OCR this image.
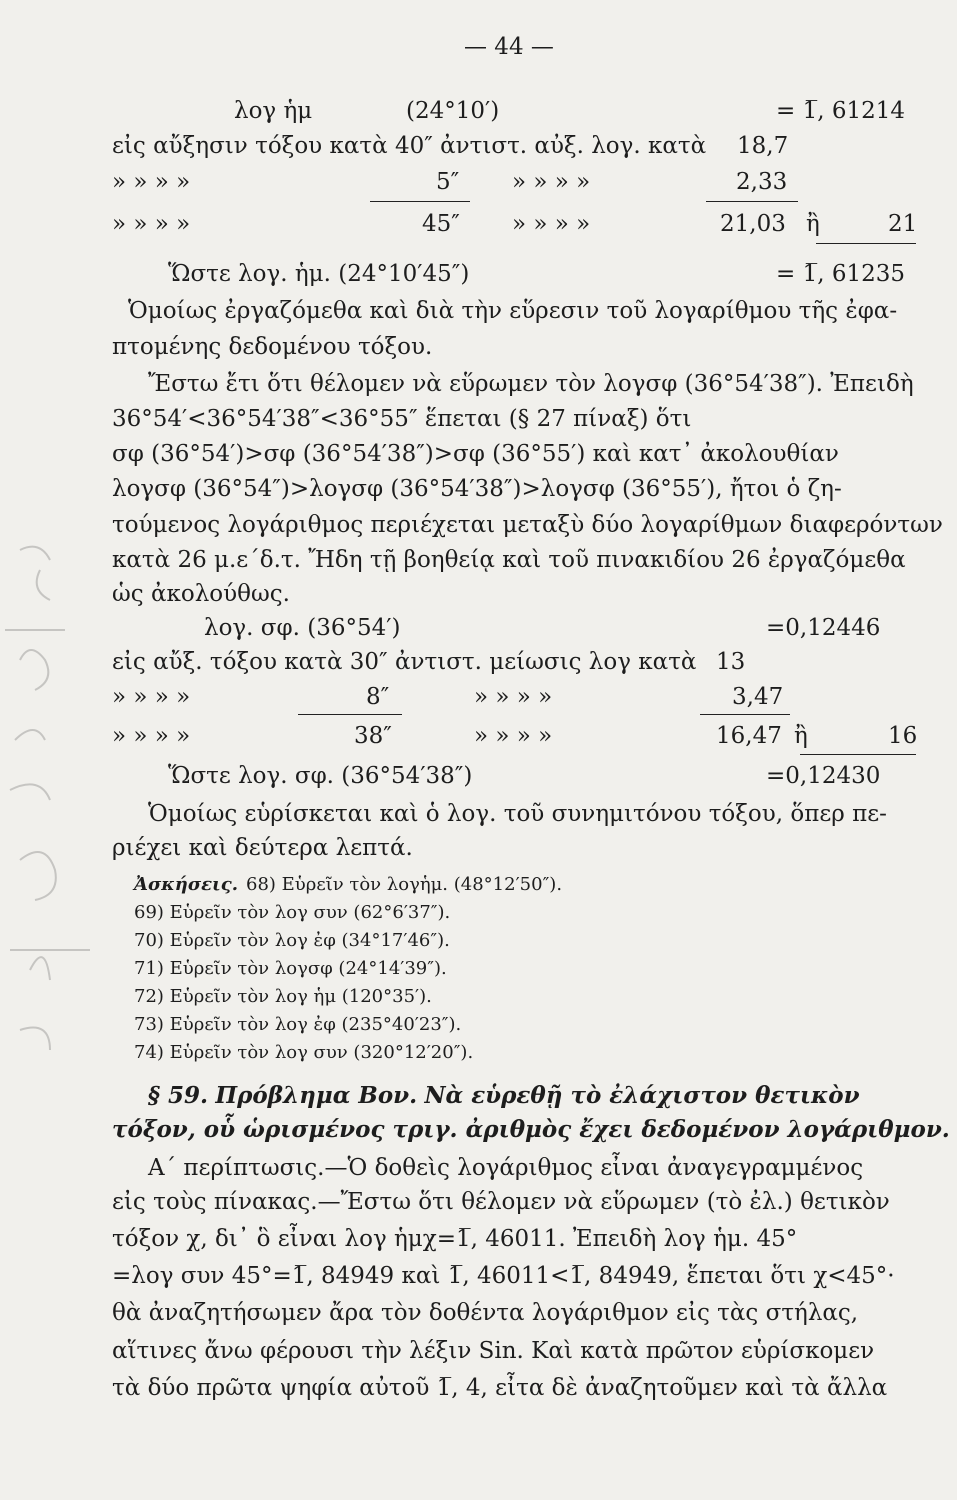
— 44 —
λογ ἡμ	(24°10′)	= 1̅, 61214
εἰς αὔξησιν τόξου κατὰ 40″ ἀντιστ. αὐξ. λογ. κατὰ 18,7
» » » »	5″ » » » »	2,33
» » » »	45″ » » » »	21,03 ἢ	21
Ὥστε λογ. ἡμ. (24°10′45″)	= 1̅, 61235
Ὁμοίως ἐργαζόμεθα καὶ διὰ τὴν εὕρεσιν τοῦ λογαρίθμου τῆς ἐφα-
πτομένης δεδομένου τόξου.
Ἔστω ἔτι ὅτι θέλομεν νὰ εὕρωμεν τὸν λογσφ (36°54′38″). Ἐπειδὴ
36°54′<36°54′38″<36°55″ ἕπεται (§ 27 πίναξ) ὅτι
σφ (36°54′)>σφ (36°54′38″)>σφ (36°55′) καὶ κατ᾽ ἀκολουθίαν
λογσφ (36°54″)>λογσφ (36°54′38″)>λογσφ (36°55′), ἤτοι ὁ ζη-
τούμενος λογάριθμος περιέχεται μεταξὺ δύο λογαρίθμων διαφερόντων
κατὰ 26 μ.ε΄δ.τ. Ἤδη τῇ βοηθείᾳ καὶ τοῦ πινακιδίου 26 ἐργαζόμεθα
ὡς ἀκολούθως.
λογ. σφ. (36°54′)	=0,12446
εἰς αὔξ. τόξου κατὰ 30″ ἀντιστ. μείωσις λογ κατὰ 13
» » » »	8″	» » » »	3,47
» » » »	38″	» » » »	16,47 ἢ	16
Ὥστε λογ. σφ. (36°54′38″)	=0,12430
Ὁμοίως εὑρίσκεται καὶ ὁ λογ. τοῦ συνημιτόνου τόξου, ὅπερ πε-
ριέχει καὶ δεύτερα λεπτά.
Ἀσκήσεις. 68) Εὑρεῖν τὸν λογἡμ. (48°12′50″).
69) Εὑρεῖν τὸν λογ συν (62°6′37″).
70) Εὑρεῖν τὸν λογ ἐφ (34°17′46″).
71) Εὑρεῖν τὸν λογσφ (24°14′39″).
72) Εὑρεῖν τὸν λογ ἡμ (120°35′).
73) Εὑρεῖν τὸν λογ ἐφ (235°40′23″).
74) Εὑρεῖν τὸν λογ συν (320°12′20″).
§ 59. Πρόβλημα Βον. Νὰ εὑρεθῇ τὸ ἐλάχιστον θετικὸν
τόξον, οὗ ὡρισμένος τριγ. ἀριθμὸς ἔχει δεδομένον λογάριθμον.
Α΄ περίπτωσις.—Ὁ δοθεὶς λογάριθμος εἶναι ἀναγεγραμμένος
εἰς τοὺς πίνακας.—Ἔστω ὅτι θέλομεν νὰ εὕρωμεν (τὸ ἐλ.) θετικὸν
τόξον χ, δι᾽ ὃ εἶναι λογ ἡμχ=1̅, 46011. Ἐπειδὴ λογ ἡμ. 45°
=λογ συν 45°=1̅, 84949 καὶ 1̅, 46011<1̅, 84949, ἕπεται ὅτι χ<45°·
θὰ ἀναζητήσωμεν ἄρα τὸν δοθέντα λογάριθμον εἰς τὰς στήλας,
αἵτινες ἄνω φέρουσι τὴν λέξιν Sin. Καὶ κατὰ πρῶτον εὑρίσκομεν
τὰ δύο πρῶτα ψηφία αὐτοῦ 1̅, 4, εἶτα δὲ ἀναζητοῦμεν καὶ τὰ ἄλλα
